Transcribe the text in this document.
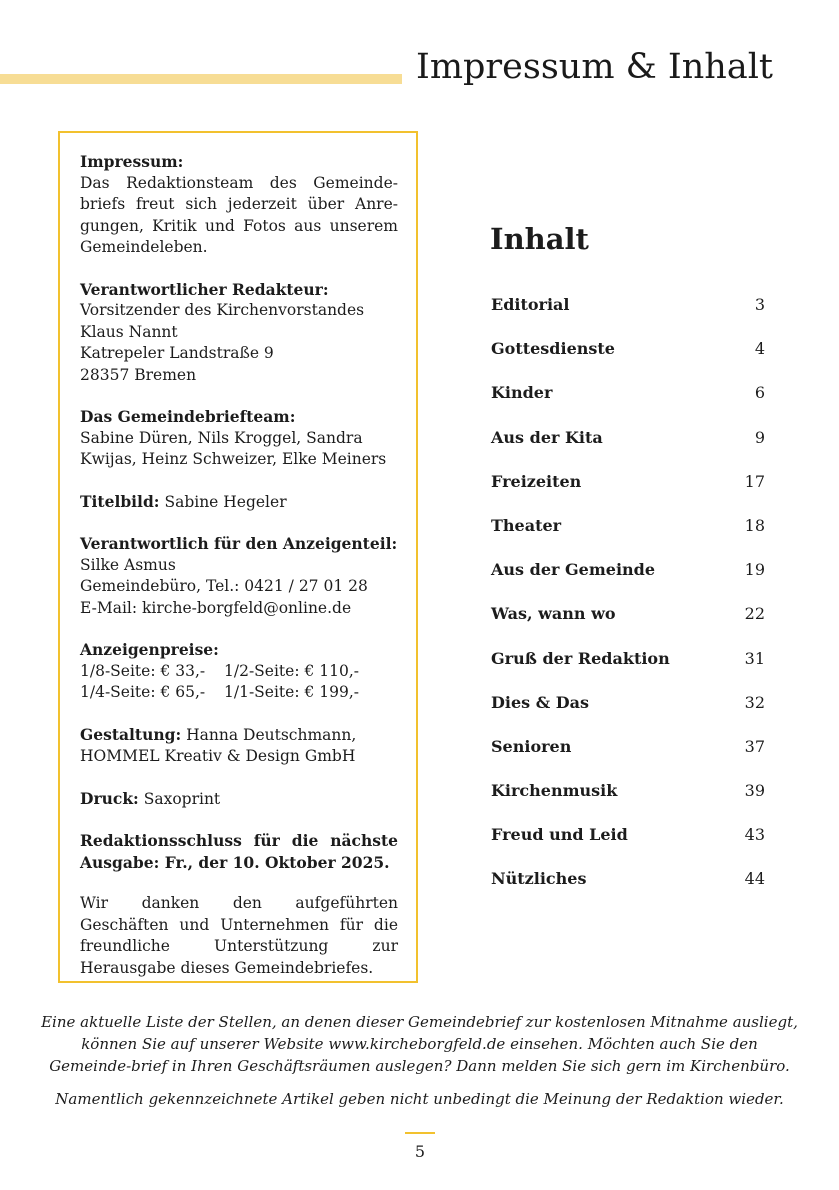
Impressum & Inhalt
Impressum:
Das Redaktionsteam des Gemeinde-briefs freut sich jederzeit über Anre-gungen, Kritik und Fotos aus unserem Gemeindeleben.
Verantwortlicher Redakteur:
Vorsitzender des Kirchenvorstandes
Klaus Nannt
Katrepeler Landstraße 9
28357 Bremen
Das Gemeindebriefteam:
Sabine Düren, Nils Kroggel, Sandra
Kwijas, Heinz Schweizer, Elke Meiners
Titelbild: Sabine Hegeler
Verantwortlich für den Anzeigenteil:
Silke Asmus
Gemeindebüro, Tel.: 0421 / 27 01 28
E-Mail: kirche-borgfeld@online.de
Anzeigenpreise:
1/8-Seite: € 33,-	1/2-Seite: € 110,-
1/4-Seite: € 65,-	1/1-Seite: € 199,-
Gestaltung: Hanna Deutschmann,
HOMMEL Kreativ & Design GmbH
Druck: Saxoprint
Redaktionsschluss für die nächste Ausgabe: Fr., der 10. Oktober 2025.
Wir danken den aufgeführten Geschäften und Unternehmen für die freundliche Unterstützung zur Herausgabe dieses Gemeindebriefes.
Inhalt
Editorial	3
Gottesdienste	4
Kinder	6
Aus der Kita	9
Freizeiten	17
Theater	18
Aus der Gemeinde	19
Was, wann wo	22
Gruß der Redaktion	31
Dies & Das	32
Senioren	37
Kirchenmusik	39
Freud und Leid	43
Nützliches	44
Eine aktuelle Liste der Stellen, an denen dieser Gemeindebrief zur kostenlosen Mitnahme ausliegt, können Sie auf unserer Website www.kircheborgfeld.de einsehen. Möchten auch Sie den Gemeinde-brief in Ihren Geschäftsräumen auslegen? Dann melden Sie sich gern im Kirchenbüro.
Namentlich gekennzeichnete Artikel geben nicht unbedingt die Meinung der Redaktion wieder.
5
